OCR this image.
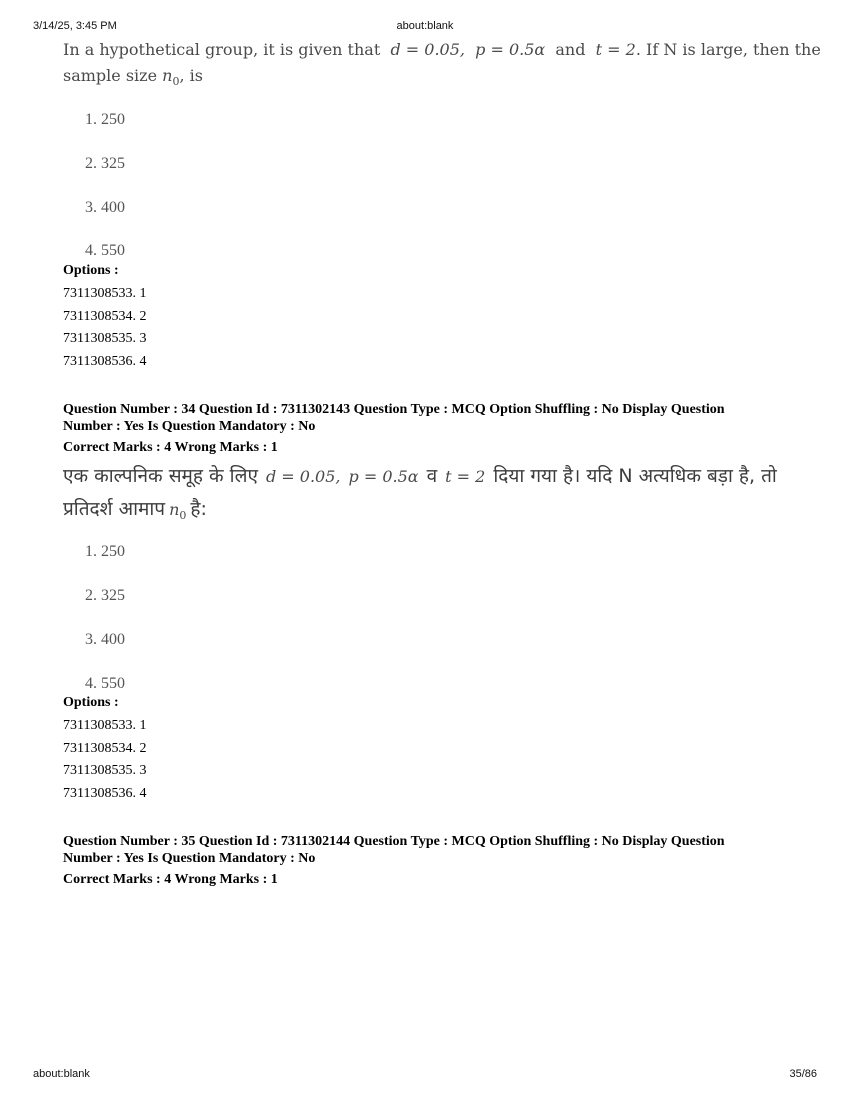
3/14/25, 3:45 PM	about:blank
In a hypothetical group, it is given that d = 0.05, p = 0.5α and t = 2. If N is large, then the
sample size $n_0$, is
1. 250
2. 325
3. 400
4. 550
Options :
7311308533. 1
7311308534. 2
7311308535. 3
7311308536. 4
Question Number : 34 Question Id : 7311302143 Question Type : MCQ Option Shuffling : No Display Question
Number : Yes Is Question Mandatory : No
Correct Marks : 4 Wrong Marks : 1
एक काल्पनिक समूह के लिए d = 0.05, p = 0.5α व t = 2 दिया गया है। यदि N अत्यधिक बड़ा है, तो
प्रतिदर्श आमाप $n_0$ है:
1. 250
2. 325
3. 400
4. 550
Options :
7311308533. 1
7311308534. 2
7311308535. 3
7311308536. 4
Question Number : 35 Question Id : 7311302144 Question Type : MCQ Option Shuffling : No Display Question
Number : Yes Is Question Mandatory : No
Correct Marks : 4 Wrong Marks : 1
about:blank	35/86
